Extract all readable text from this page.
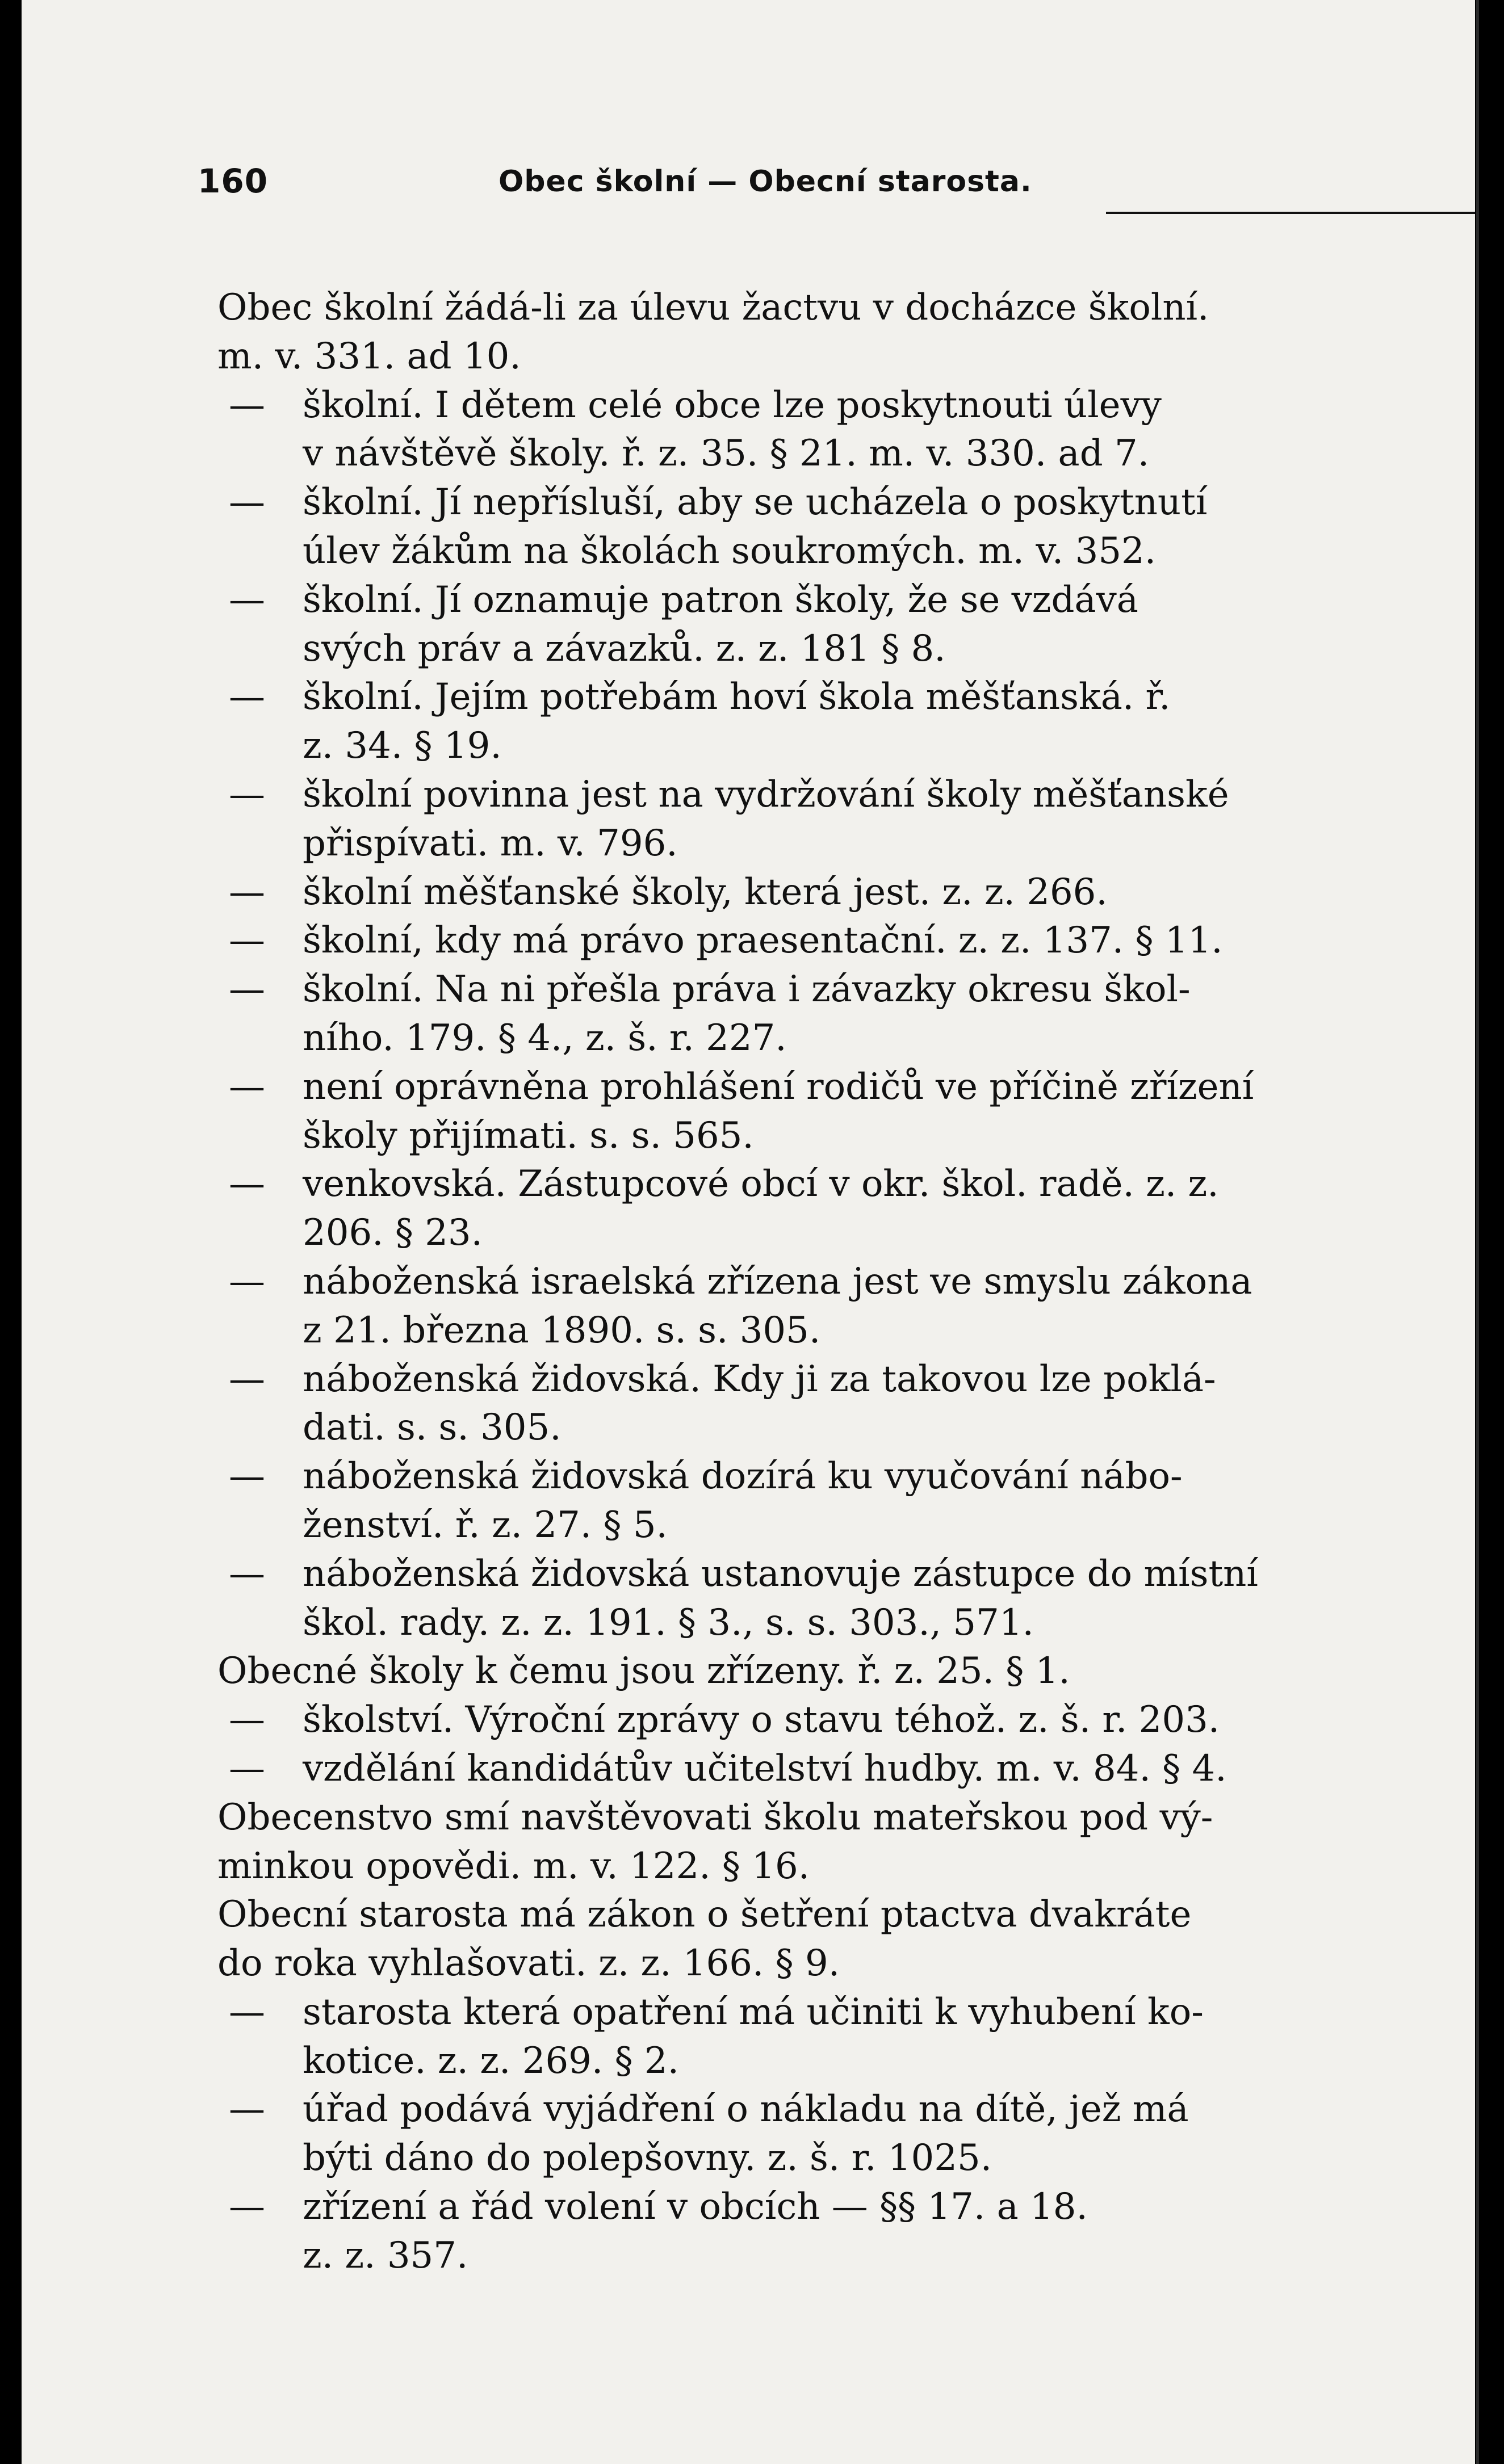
160	Obec školní — Obecní starosta.
Obec školní žádá-li za úlevu žactvu v docházce školní.
m. v. 331. ad 10.
—	školní. I dětem celé obce lze poskytnouti úlevy
v návštěvě školy. ř. z. 35. § 21. m. v. 330. ad 7.
—	školní. Jí nepřísluší, aby se ucházela o poskytnutí
úlev žákům na školách soukromých. m. v. 352.
—	školní. Jí oznamuje patron školy, že se vzdává
svých práv a závazků. z. z. 181 § 8.
—	školní. Jejím potřebám hoví škola měšťanská. ř.
z. 34. § 19.
—	školní povinna jest na vydržování školy měšťanské
přispívati. m. v. 796.
—	školní měšťanské školy, která jest. z. z. 266.
—	školní, kdy má právo praesentační. z. z. 137. § 11.
—	školní. Na ni přešla práva i závazky okresu škol-
ního. 179. § 4., z. š. r. 227.
—	není oprávněna prohlášení rodičů ve příčině zřízení
školy přijímati. s. s. 565.
—	venkovská. Zástupcové obcí v okr. škol. radě. z. z.
206. § 23.
—	náboženská israelská zřízena jest ve smyslu zákona
z 21. března 1890. s. s. 305.
—	náboženská židovská. Kdy ji za takovou lze poklá-
dati. s. s. 305.
—	náboženská židovská dozírá ku vyučování nábo-
ženství. ř. z. 27. § 5.
—	náboženská židovská ustanovuje zástupce do místní
škol. rady. z. z. 191. § 3., s. s. 303., 571.
Obecné školy k čemu jsou zřízeny. ř. z. 25. § 1.
—	školství. Výroční zprávy o stavu téhož. z. š. r. 203.
—	vzdělání kandidátův učitelství hudby. m. v. 84. § 4.
Obecenstvo smí navštěvovati školu mateřskou pod vý-
minkou opovědi. m. v. 122. § 16.
Obecní starosta má zákon o šetření ptactva dvakráte
do roka vyhlašovati. z. z. 166. § 9.
—	starosta která opatření má učiniti k vyhubení ko-
kotice. z. z. 269. § 2.
—	úřad podává vyjádření o nákladu na dítě, jež má
býti dáno do polepšovny. z. š. r. 1025.
—	zřízení a řád volení v obcích — §§ 17. a 18.
z. z. 357.
